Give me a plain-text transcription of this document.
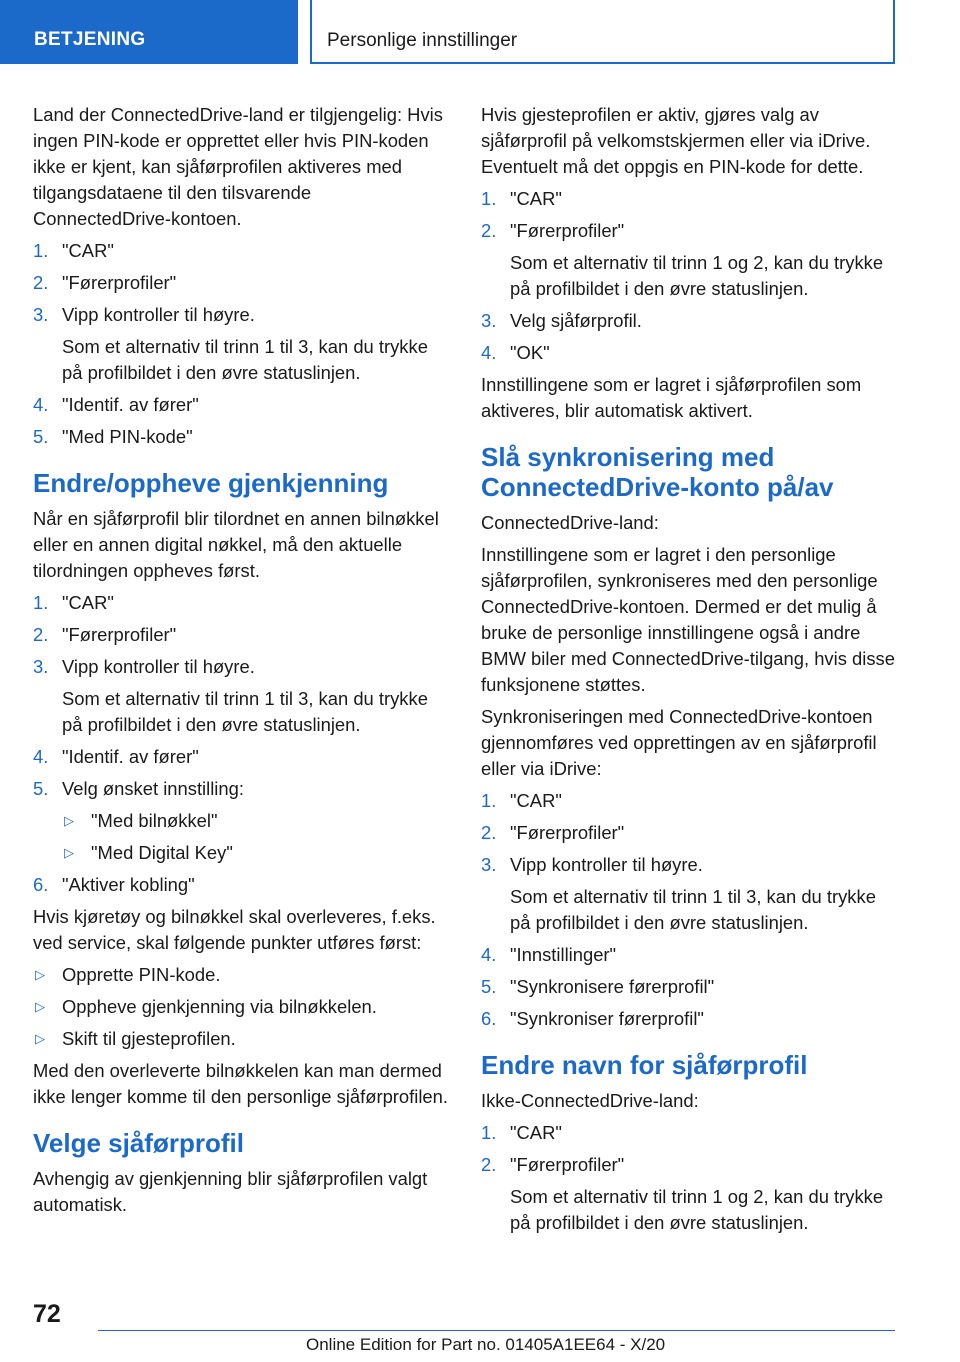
BETJENING	Personlige innstillinger

Land der ConnectedDrive-land er tilgjengelig: Hvis ingen PIN-kode er opprettet eller hvis PIN-koden ikke er kjent, kan sjåførprofilen aktiveres med tilgangsdataene til den tilsvarende ConnectedDrive-kontoen.

1. "CAR"
2. "Førerprofiler"
3. Vipp kontroller til høyre.
Som et alternativ til trinn 1 til 3, kan du trykke på profilbildet i den øvre statuslinjen.
4. "Identif. av fører"
5. "Med PIN-kode"
Endre/oppheve gjenkjenning

Når en sjåførprofil blir tilordnet en annen bilnøkkel eller en annen digital nøkkel, må den aktuelle tilordningen oppheves først.

1. "CAR"
2. "Førerprofiler"
3. Vipp kontroller til høyre.
Som et alternativ til trinn 1 til 3, kan du trykke på profilbildet i den øvre statuslinjen.
4. "Identif. av fører"
5. Velg ønsket innstilling:
▷ "Med bilnøkkel"
▷ "Med Digital Key"
6. "Aktiver kobling"

Hvis kjøretøy og bilnøkkel skal overleveres, f.eks. ved service, skal følgende punkter utføres først:

▷ Opprette PIN-kode.
▷ Oppheve gjenkjenning via bilnøkkelen.
▷ Skift til gjesteprofilen.

Med den overleverte bilnøkkelen kan man dermed ikke lenger komme til den personlige sjåførprofilen.

Velge sjåførprofil

Avhengig av gjenkjenning blir sjåførprofilen valgt automatisk.

Hvis gjesteprofilen er aktiv, gjøres valg av sjåførprofil på velkomstskjermen eller via iDrive. Eventuelt må det oppgis en PIN-kode for dette.

1. "CAR"
2. "Førerprofiler"
Som et alternativ til trinn 1 og 2, kan du trykke på profilbildet i den øvre statuslinjen.
3. Velg sjåførprofil.
4. "OK"

Innstillingene som er lagret i sjåførprofilen som aktiveres, blir automatisk aktivert.

Slå synkronisering med ConnectedDrive-konto på/av

ConnectedDrive-land:

Innstillingene som er lagret i den personlige sjåførprofilen, synkroniseres med den personlige ConnectedDrive-kontoen. Dermed er det mulig å bruke de personlige innstillingene også i andre BMW biler med ConnectedDrive-tilgang, hvis disse funksjonene støttes.

Synkroniseringen med ConnectedDrive-kontoen gjennomføres ved opprettingen av en sjåførprofil eller via iDrive:

1. "CAR"
2. "Førerprofiler"
3. Vipp kontroller til høyre.
Som et alternativ til trinn 1 til 3, kan du trykke på profilbildet i den øvre statuslinjen.
4. "Innstillinger"
5. "Synkronisere førerprofil"
6. "Synkroniser førerprofil"
Endre navn for sjåførprofil

Ikke-ConnectedDrive-land:

1. "CAR"
2. "Førerprofiler"
Som et alternativ til trinn 1 og 2, kan du trykke på profilbildet i den øvre statuslinjen.
72
Online Edition for Part no. 01405A1EE64 - X/20
